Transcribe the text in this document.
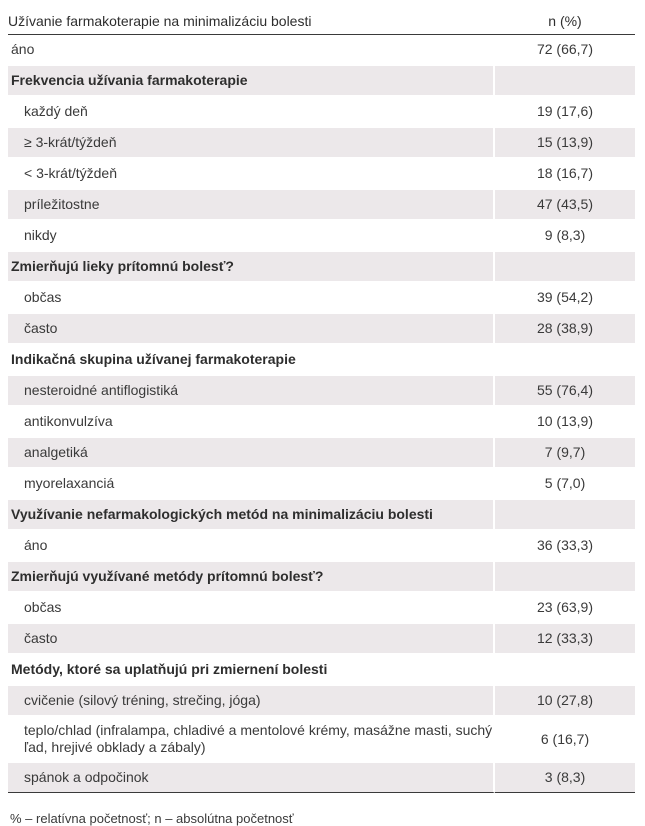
Užívanie farmakoterapie na minimalizáciu bolesti	n (%)
áno	72 (66,7)
Frekvencia užívania farmakoterapie	
každý deň	19 (17,6)
≥ 3-krát/týždeň	15 (13,9)
< 3-krát/týždeň	18 (16,7)
príležitostne	47 (43,5)
nikdy	9 (8,3)
Zmierňujú lieky prítomnú bolesť?	
občas	39 (54,2)
často	28 (38,9)
Indikačná skupina užívanej farmakoterapie	
nesteroidné antiflogistiká	55 (76,4)
antikonvulzíva	10 (13,9)
analgetiká	7 (9,7)
myorelaxanciá	5 (7,0)
Využívanie nefarmakologických metód na minimalizáciu bolesti	
áno	36 (33,3)
Zmierňujú využívané metódy prítomnú bolesť?	
občas	23 (63,9)
často	12 (33,3)
Metódy, ktoré sa uplatňujú pri zmiernení bolesti	
cvičenie (silový tréning, strečing, jóga)	10 (27,8)
teplo/chlad (infralampa, chladivé a mentolové krémy, masážne masti, suchý ľad, hrejivé obklady a zábaly)	6 (16,7)
spánok a odpočinok	3 (8,3)
% – relatívna početnosť; n – absolútna početnosť
